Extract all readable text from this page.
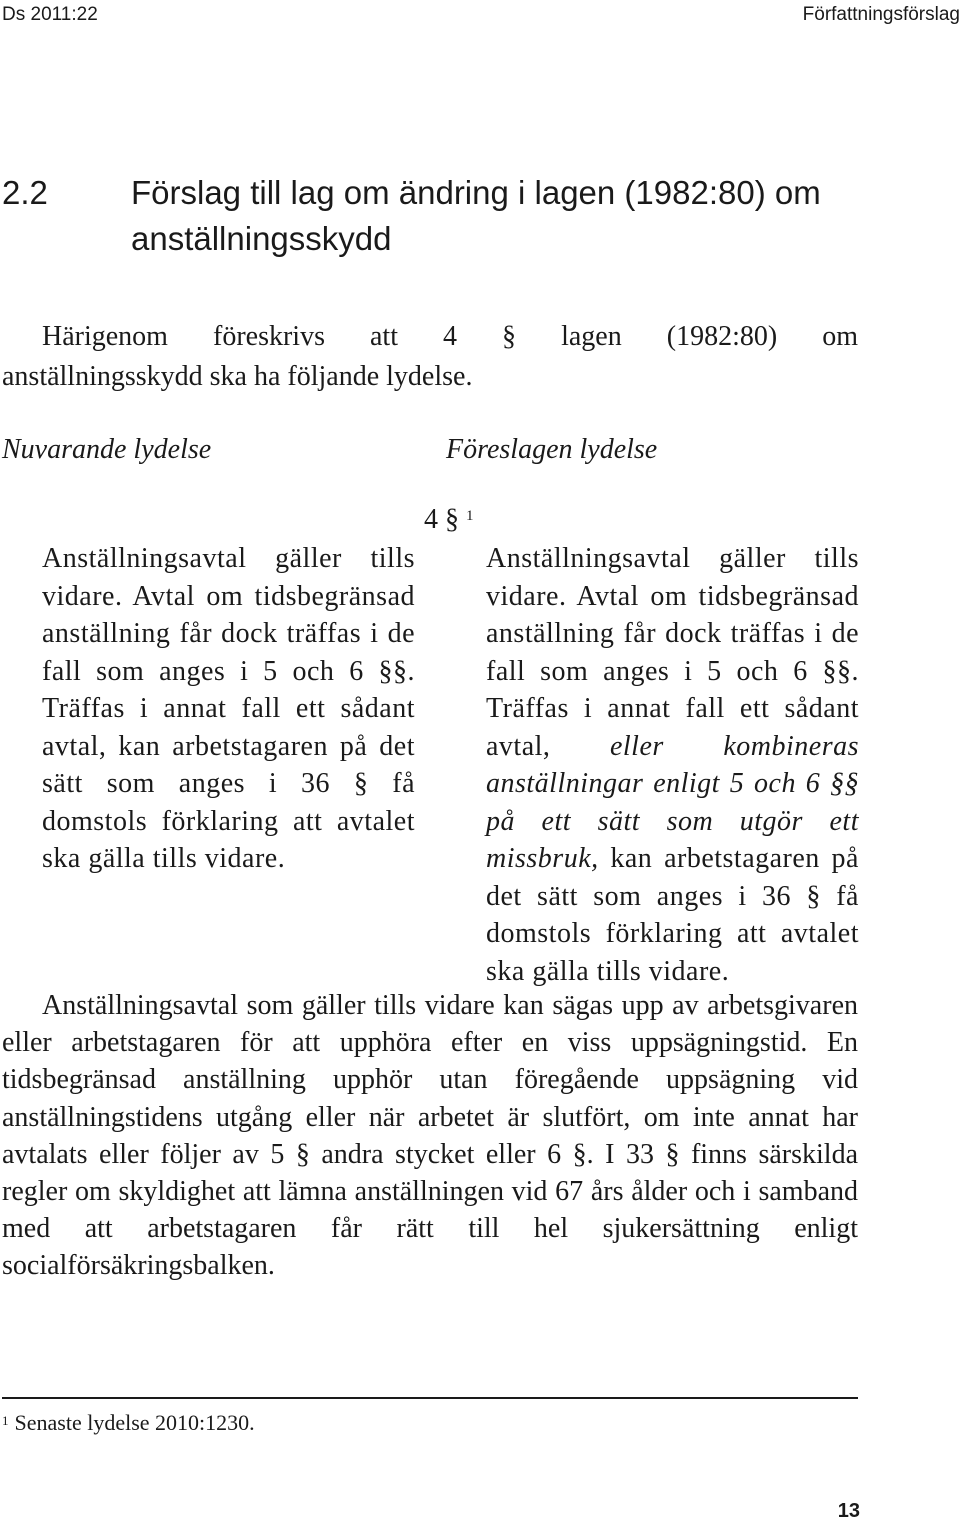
Ds 2011:22	Författningsförslag
2.2	Förslag till lag om ändring i lagen (1982:80) om anställningsskydd
Härigenom föreskrivs att 4 § lagen (1982:80) om
anställningsskydd ska ha följande lydelse.
Nuvarande lydelse	Föreslagen lydelse
4 § $^1$
Anställningsavtal gäller tills vidare. Avtal om tidsbegränsad anställning får dock träffas i de fall som anges i 5 och 6 §§. Träffas i annat fall ett sådant avtal, kan arbetstagaren på det sätt som anges i 36 § få domstols förklaring att avtalet ska gälla tills vidare.
Anställningsavtal gäller tills vidare. Avtal om tidsbegränsad anställning får dock träffas i de fall som anges i 5 och 6 §§. Träffas i annat fall ett sådant avtal, eller kombineras anställningar enligt 5 och 6 §§ på ett sätt som utgör ett missbruk, kan arbetstagaren på det sätt som anges i 36 § få domstols förklaring att avtalet ska gälla tills vidare.
Anställningsavtal som gäller tills vidare kan sägas upp av arbetsgivaren eller arbetstagaren för att upphöra efter en viss uppsägningstid. En tidsbegränsad anställning upphör utan föregående uppsägning vid anställningstidens utgång eller när arbetet är slutfört, om inte annat har avtalats eller följer av 5 § andra stycket eller 6 §. I 33 § finns särskilda regler om skyldighet att lämna anställningen vid 67 års ålder och i samband med att arbetstagaren får rätt till hel sjukersättning enligt socialförsäkringsbalken.
$^1$ Senaste lydelse 2010:1230.
13
